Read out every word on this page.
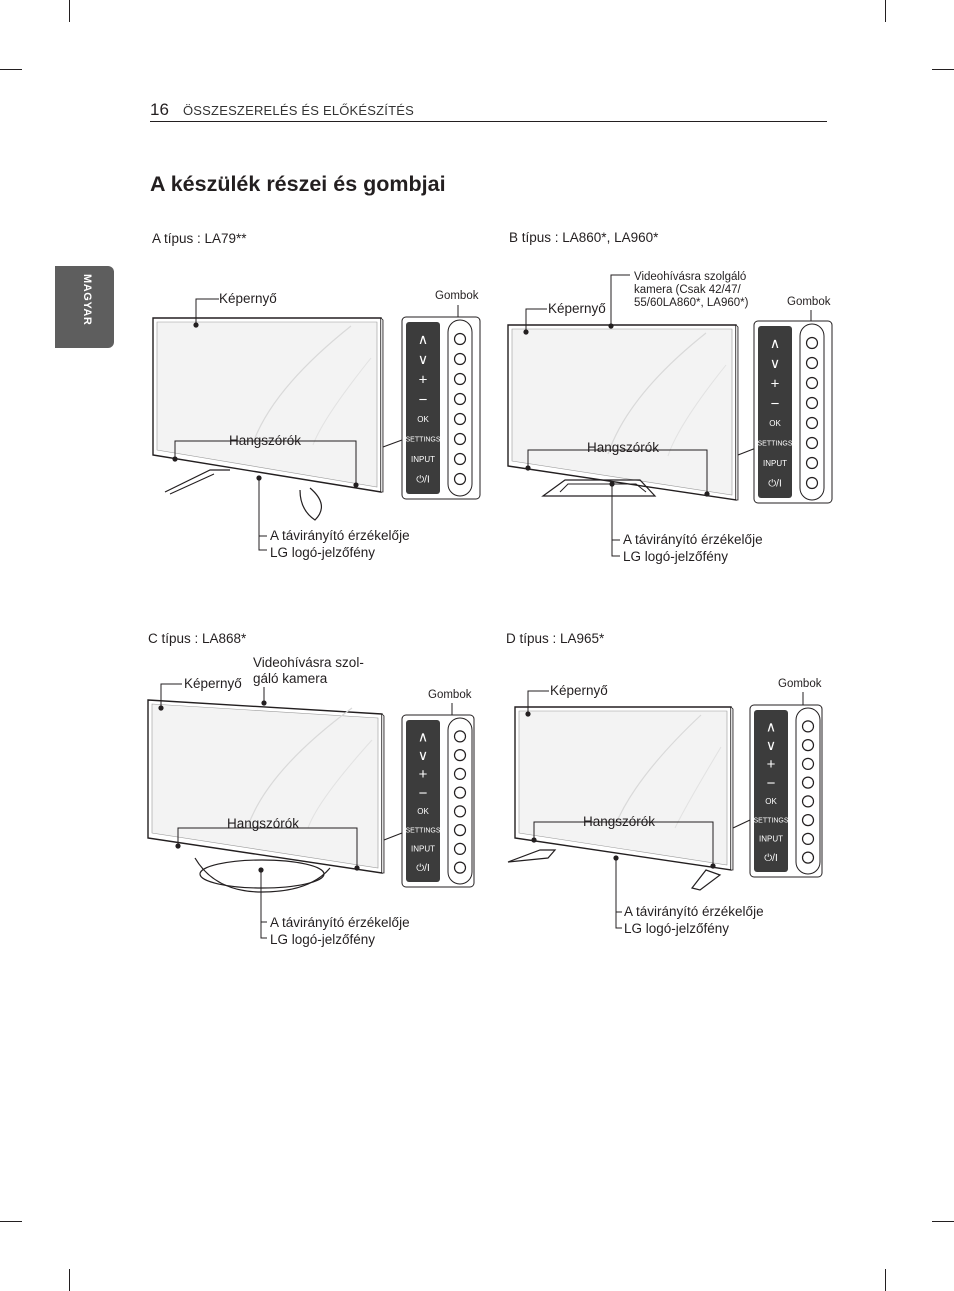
16 ÖSSZESZERELÉS ÉS ELŐKÉSZÍTÉS
A készülék részei és gombjai
MAGYAR
∧
∨
+
−
OK
SETTINGS
INPUT
⏻/I
∧
∨
+
−
OK
SETTINGS
INPUT
⏻/I
∧
∨
+
−
OK
SETTINGS
INPUT
⏻/I
∧
∨
+
−
OK
SETTINGS
INPUT
⏻/I
A típus : LA79**
Képernyő	Gombok
Hangszórók
A távirányító érzékelője
LG logó-jelzőfény
B típus : LA860*, LA960*
Videohívásra szolgáló
kamera (Csak 42/47/
55/60LA860*, LA960*)
Képernyő	Gombok
Hangszórók
A távirányító érzékelője
LG logó-jelzőfény
C típus : LA868*
Videohívásra szol-
gáló kamera
Képernyő
Gombok
Hangszórók
A távirányító érzékelője
LG logó-jelzőfény
D típus : LA965*
Képernyő	Gombok
Hangszórók
A távirányító érzékelője
LG logó-jelzőfény
